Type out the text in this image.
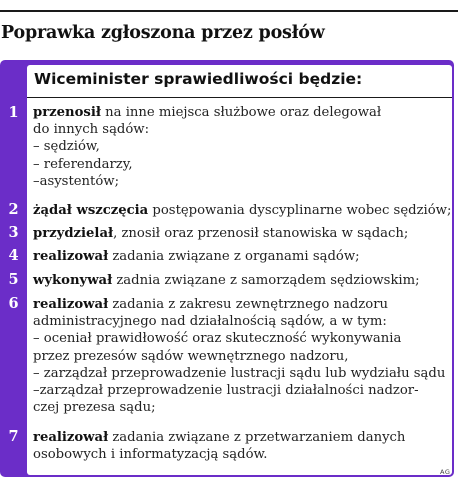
Poprawka zgłoszona przez posłów
1
2
3
4
5
6
7
Wiceminister sprawiedliwości będzie:
przenosił na inne miejsca służbowe oraz delegował
do innych sądów:
– sędziów,
– referendarzy,
–asystentów;
żądał wszczęcia postępowania dyscyplinarne wobec sędziów;
przydzielał, znosił oraz przenosił stanowiska w sądach;
realizował zadania związane z organami sądów;
wykonywał zadnia związane z samorządem sędziowskim;
realizował zadania z zakresu zewnętrznego nadzoru
administracyjnego nad działalnością sądów, a w tym:
– oceniał prawidłowość oraz skuteczność wykonywania
przez prezesów sądów wewnętrznego nadzoru,
– zarządzał przeprowadzenie lustracji sądu lub wydziału sądu
–zarządzał przeprowadzenie lustracji działalności nadzor-
czej prezesa sądu;
realizował zadania związane z przetwarzaniem danych
osobowych i informatyzacją sądów.
AG
